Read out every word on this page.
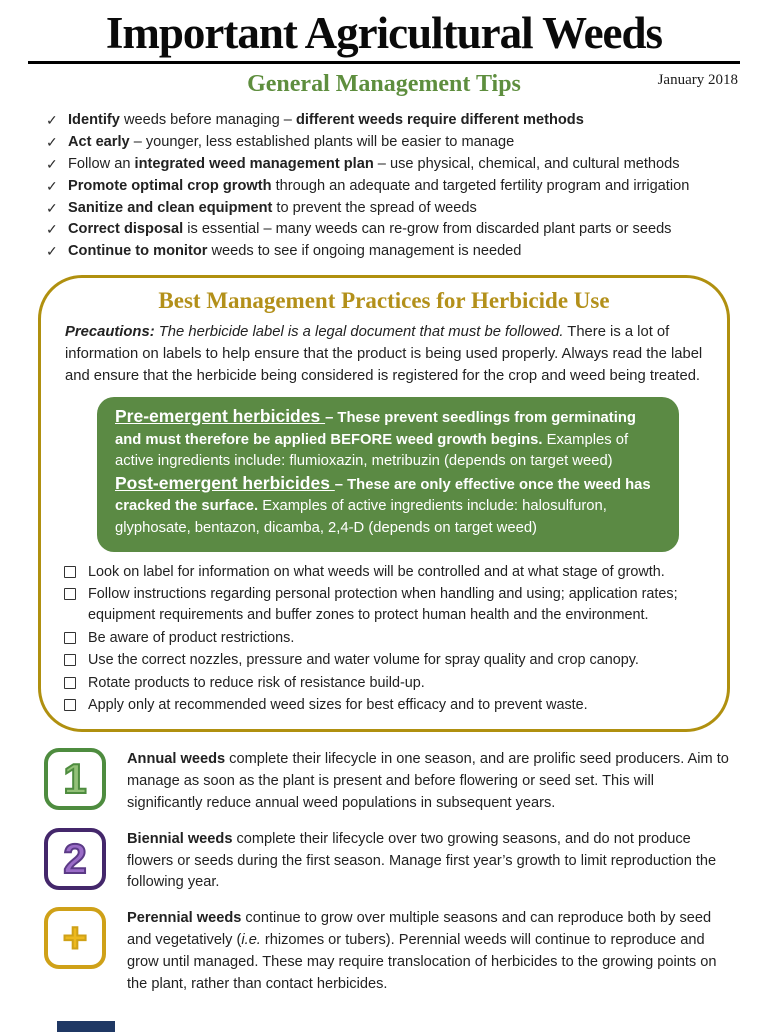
Important Agricultural Weeds
General Management Tips	January 2018
✓ Identify weeds before managing – different weeds require different methods
✓ Act early – younger, less established plants will be easier to manage
✓ Follow an integrated weed management plan – use physical, chemical, and cultural methods
✓ Promote optimal crop growth through an adequate and targeted fertility program and irrigation
✓ Sanitize and clean equipment to prevent the spread of weeds
✓ Correct disposal is essential – many weeds can re-grow from discarded plant parts or seeds
✓ Continue to monitor weeds to see if ongoing management is needed
Best Management Practices for Herbicide Use

Precautions: The herbicide label is a legal document that must be followed. There is a lot of information on labels to help ensure that the product is being used properly. Always read the label and ensure that the herbicide being considered is registered for the crop and weed being treated.

Pre-emergent herbicides – These prevent seedlings from germinating and must therefore be applied BEFORE weed growth begins. Examples of active ingredients include: flumioxazin, metribuzin (depends on target weed)

Post-emergent herbicides – These are only effective once the weed has cracked the surface. Examples of active ingredients include: halosulfuron, glyphosate, bentazon, dicamba, 2,4-D (depends on target weed)

Look on label for information on what weeds will be controlled and at what stage of growth.
Follow instructions regarding personal protection when handling and using; application rates; equipment requirements and buffer zones to protect human health and the environment.
Be aware of product restrictions.
Use the correct nozzles, pressure and water volume for spray quality and crop canopy.
Rotate products to reduce risk of resistance build-up.
Apply only at recommended weed sizes for best efficacy and to prevent waste.
1	Annual weeds complete their lifecycle in one season, and are prolific seed producers. Aim to manage as soon as the plant is present and before flowering or seed set. This will significantly reduce annual weed populations in subsequent years.
2	Biennial weeds complete their lifecycle over two growing seasons, and do not produce flowers or seeds during the first season. Manage first year’s growth to limit reproduction the following year.
+	Perennial weeds continue to grow over multiple seasons and can reproduce both by seed and vegetatively (i.e. rhizomes or tubers). Perennial weeds will continue to reproduce and grow until managed. These may require translocation of herbicides to the growing points on the plant, rather than contact herbicides.
